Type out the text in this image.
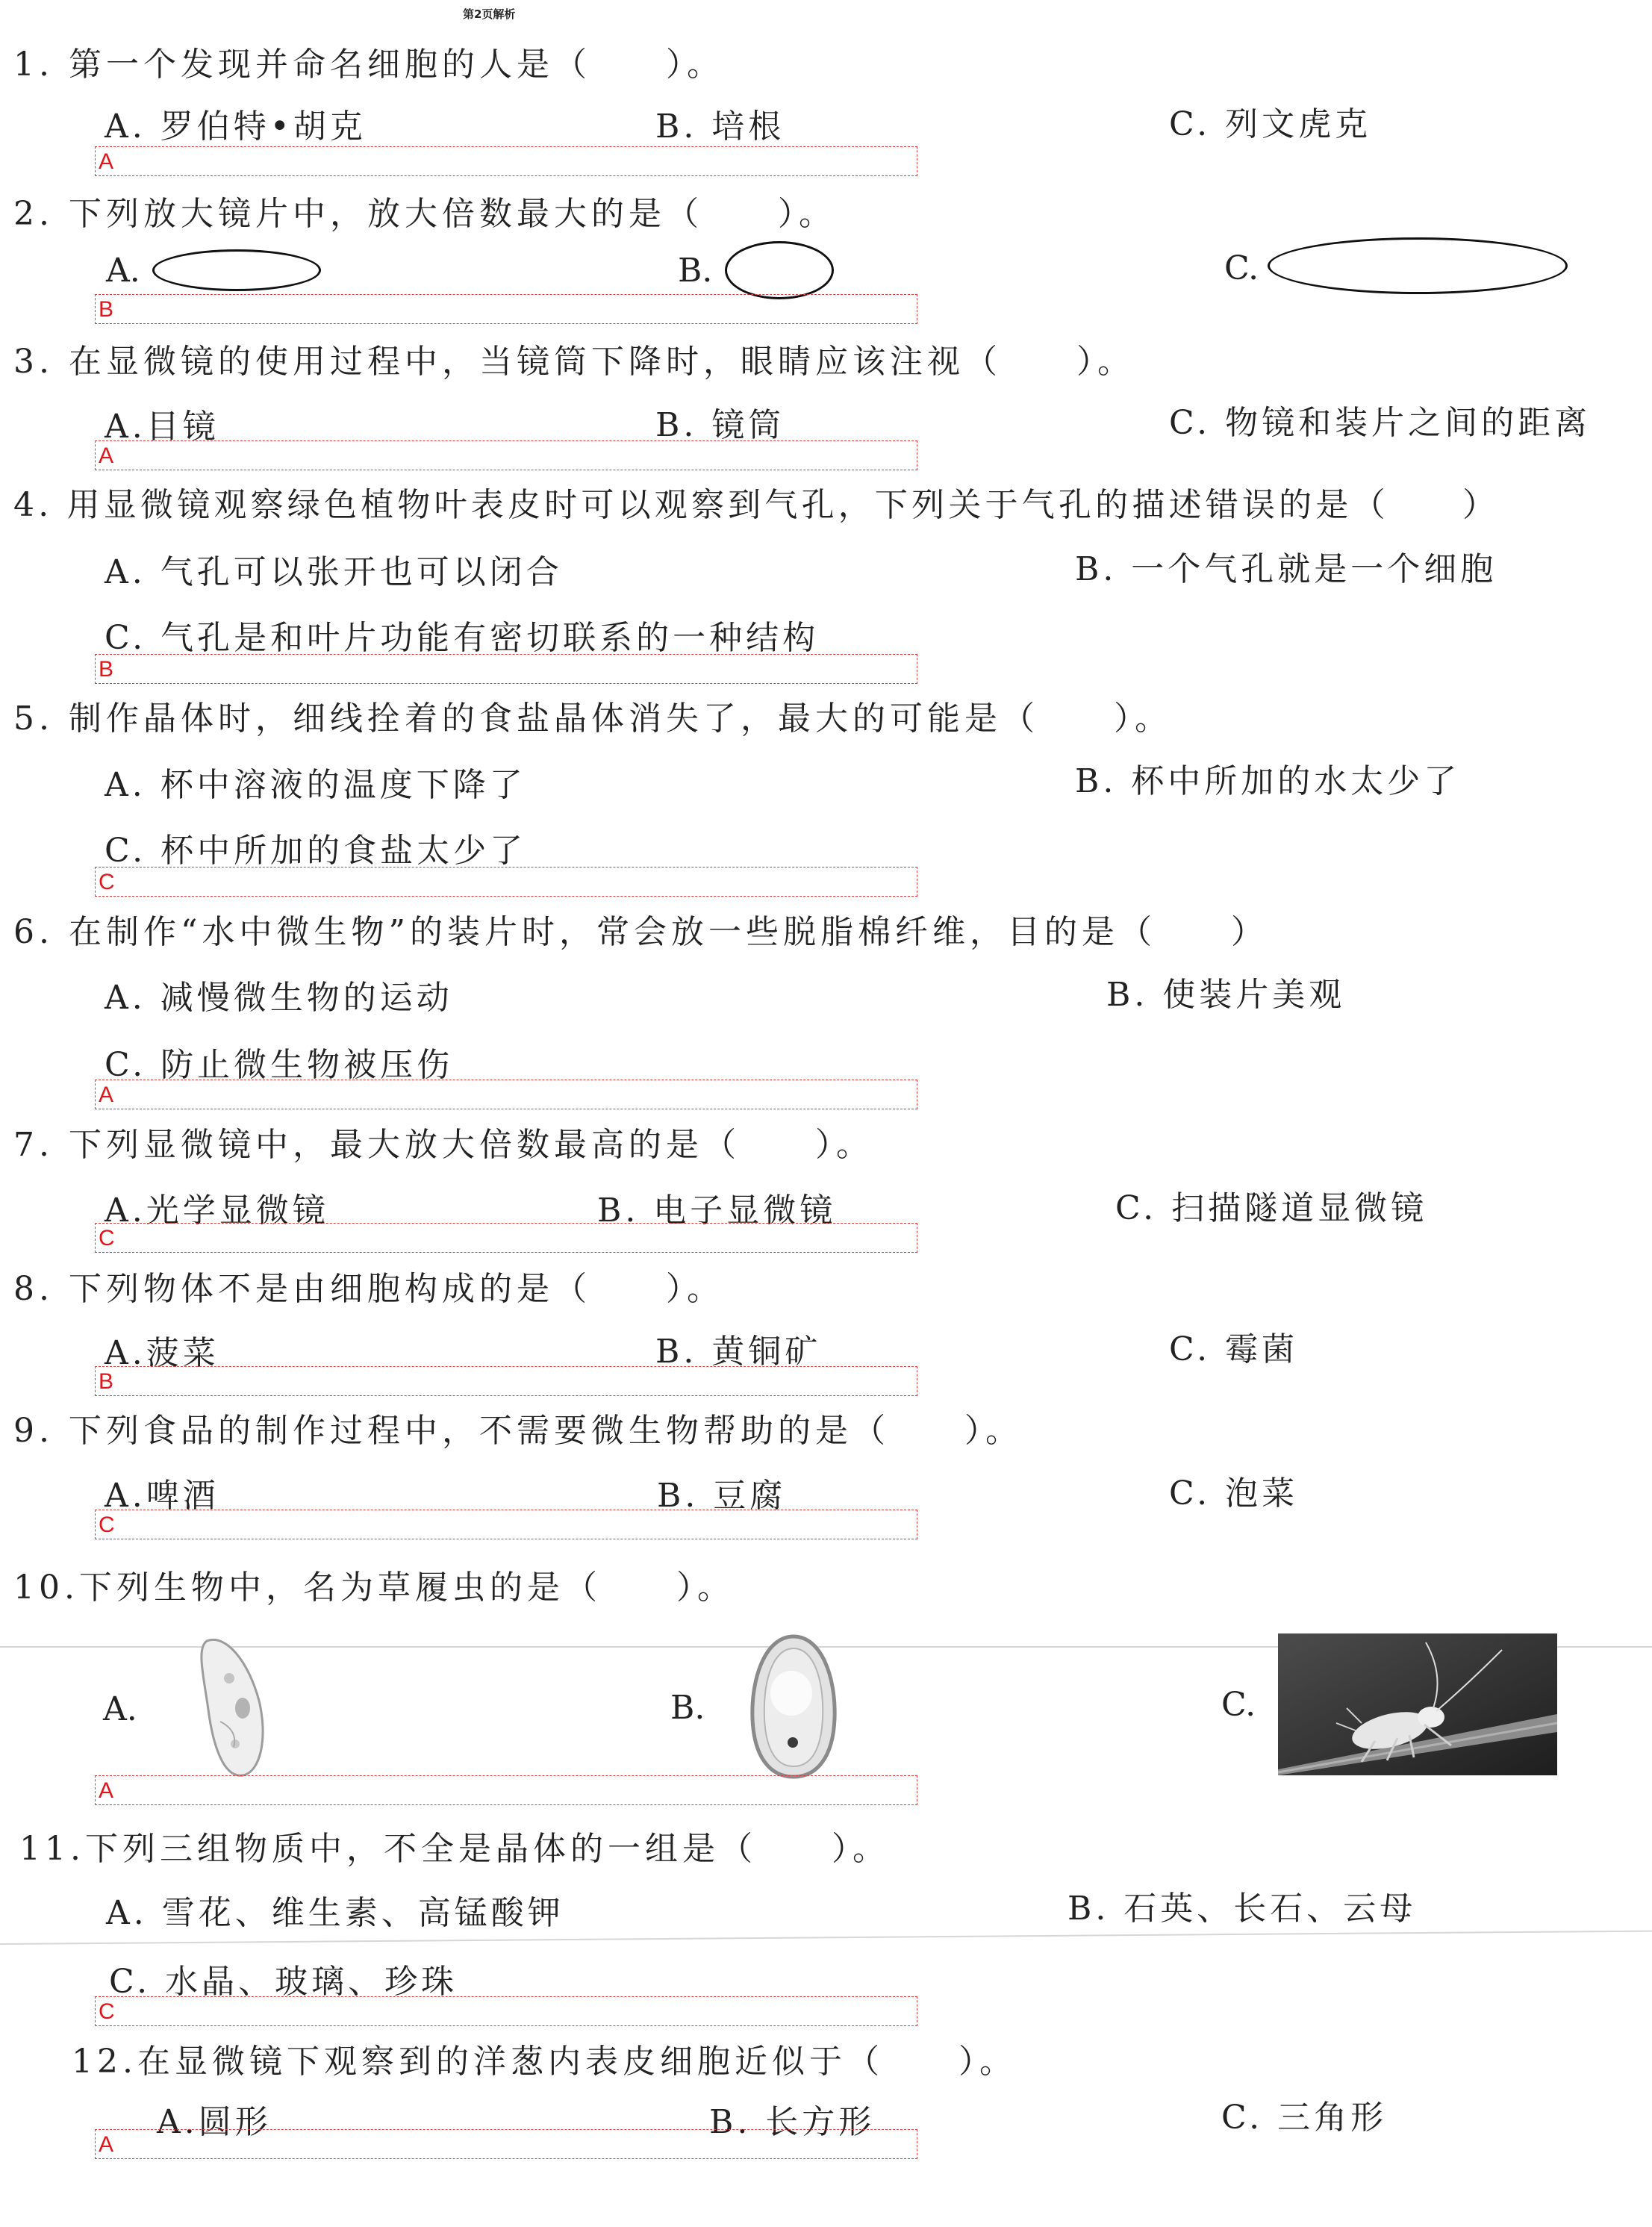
第2页解析
1. 第一个发现并命名细胞的人是（　　）。
A. 罗伯特•胡克	B. 培根	C. 列文虎克
A
2. 下列放大镜片中，放大倍数最大的是（　　）。
A.	B.	C.
B
3. 在显微镜的使用过程中，当镜筒下降时，眼睛应该注视（　　）。
A.目镜	B. 镜筒	C. 物镜和装片之间的距离
A
4. 用显微镜观察绿色植物叶表皮时可以观察到气孔，下列关于气孔的描述错误的是（　　）
A. 气孔可以张开也可以闭合	B. 一个气孔就是一个细胞
C. 气孔是和叶片功能有密切联系的一种结构
B
5. 制作晶体时，细线拴着的食盐晶体消失了，最大的可能是（　　）。
A. 杯中溶液的温度下降了	B. 杯中所加的水太少了
C. 杯中所加的食盐太少了
C
6. 在制作“水中微生物”的装片时，常会放一些脱脂棉纤维，目的是（　　）
A. 减慢微生物的运动	B. 使装片美观
C. 防止微生物被压伤
A
7. 下列显微镜中，最大放大倍数最高的是（　　）。
A.光学显微镜	B. 电子显微镜	C. 扫描隧道显微镜
C
8. 下列物体不是由细胞构成的是（　　）。
A.菠菜	B. 黄铜矿	C. 霉菌
B
9. 下列食品的制作过程中，不需要微生物帮助的是（　　）。
A.啤酒	B. 豆腐	C. 泡菜
C
10.下列生物中，名为草履虫的是（　　）。
A.	B.	C.
A
11.下列三组物质中，不全是晶体的一组是（　　）。
A. 雪花、维生素、高锰酸钾	B. 石英、长石、云母
C. 水晶、玻璃、珍珠
C
12.在显微镜下观察到的洋葱内表皮细胞近似于（　　）。
A.圆形	B. 长方形	C. 三角形
A
